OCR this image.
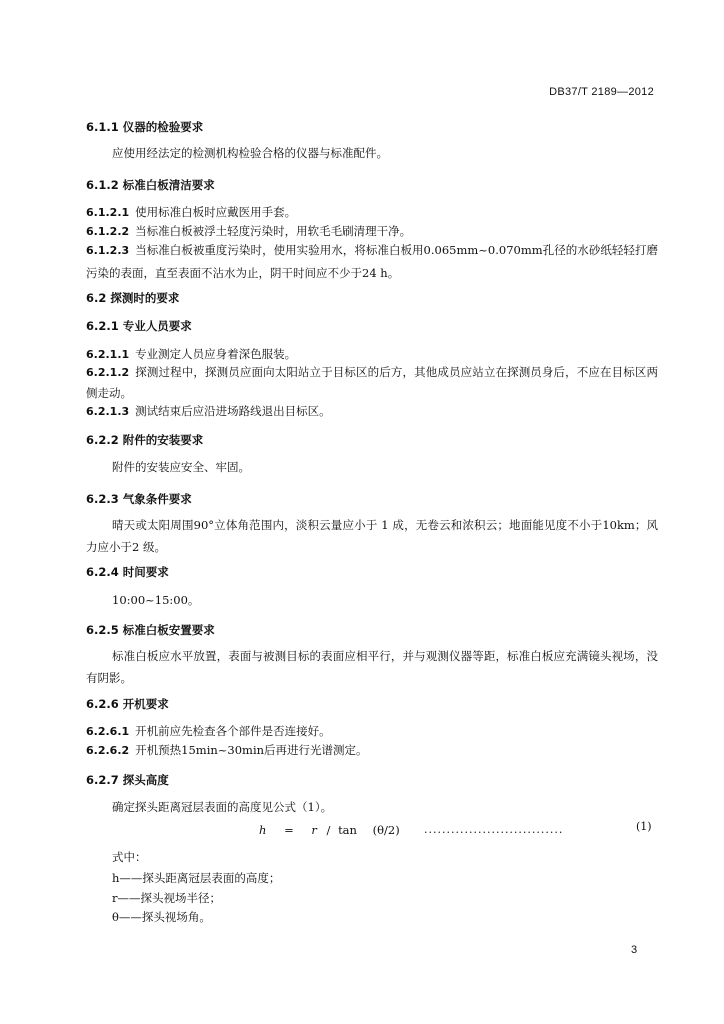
DB37/T 2189—2012
6.1.1 仪器的检验要求
应使用经法定的检测机构检验合格的仪器与标准配件。
6.1.2 标准白板清洁要求
6.1.2.1 使用标准白板时应戴医用手套。
6.1.2.2 当标准白板被浮土轻度污染时，用软毛毛刷清理干净。
6.1.2.3 当标准白板被重度污染时，使用实验用水，将标准白板用0.065mm~0.070mm孔径的水砂纸轻轻打磨污染的表面，直至表面不沾水为止，阴干时间应不少于24 h。
6.2 探测时的要求
6.2.1 专业人员要求
6.2.1.1 专业测定人员应身着深色服装。
6.2.1.2 探测过程中，探测员应面向太阳站立于目标区的后方，其他成员应站立在探测员身后，不应在目标区两侧走动。
6.2.1.3 测试结束后应沿进场路线退出目标区。
6.2.2 附件的安装要求
附件的安装应安全、牢固。
6.2.3 气象条件要求
晴天或太阳周围90°立体角范围内，淡积云量应小于 1 成，无卷云和浓积云；地面能见度不小于10km；风力应小于2 级。
6.2.4 时间要求
10:00~15:00。
6.2.5 标准白板安置要求
标准白板应水平放置，表面与被测目标的表面应相平行，并与观测仪器等距，标准白板应充满镜头视场，没有阴影。
6.2.6 开机要求
6.2.6.1 开机前应先检查各个部件是否连接好。
6.2.6.2 开机预热15min~30min后再进行光谱测定。
6.2.7 探头高度
确定探头距离冠层表面的高度见公式（1）。
h = r / tan (θ/2) ...............................	(1)
式中：
h——探头距离冠层表面的高度；
r——探头视场半径；
θ——探头视场角。
3
